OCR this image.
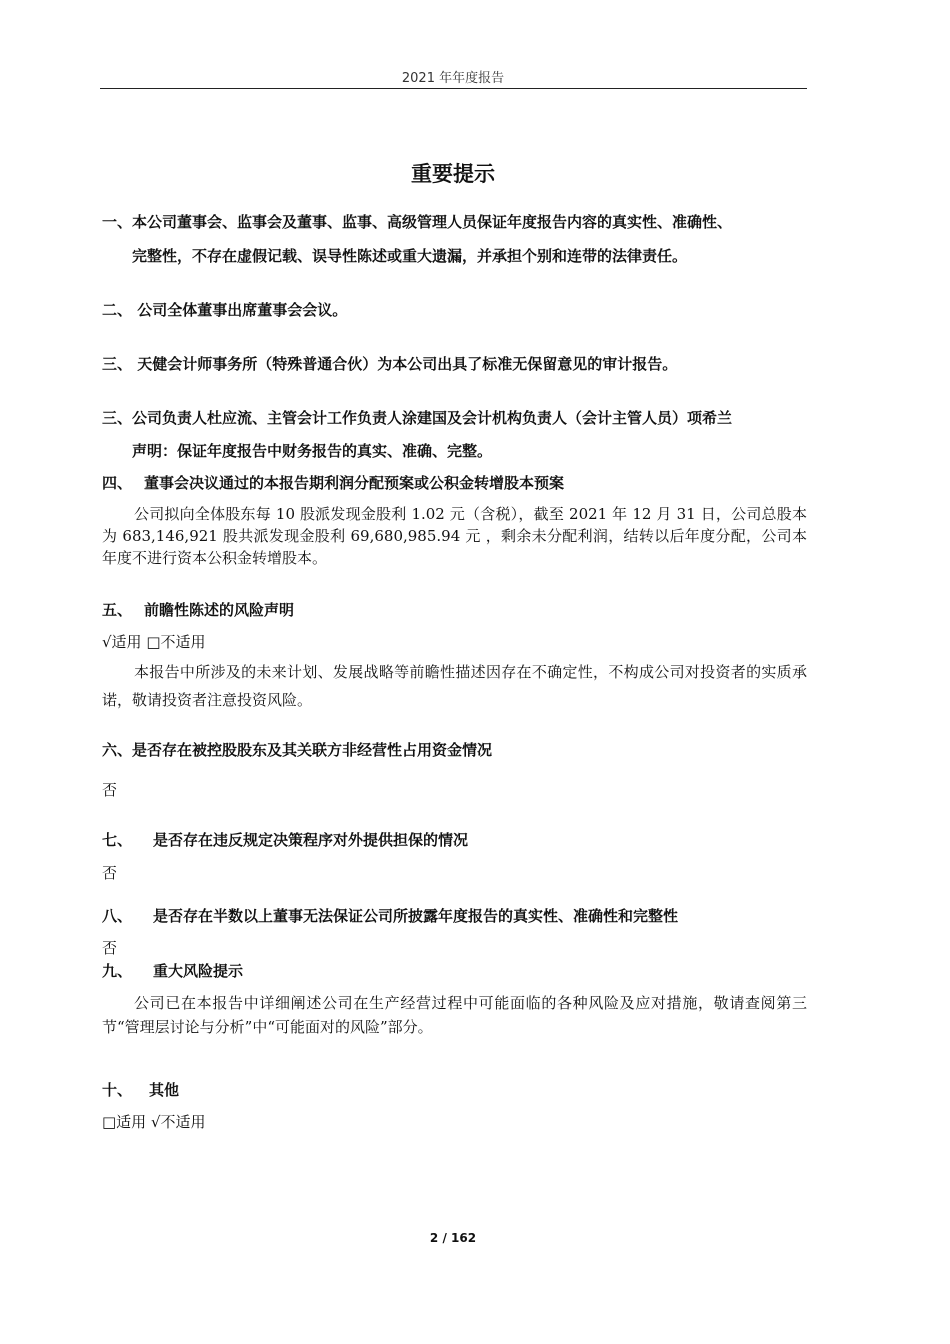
2021 年年度报告
重要提示
一、本公司董事会、监事会及董事、监事、高级管理人员保证年度报告内容的真实性、准确性、
完整性，不存在虚假记载、误导性陈述或重大遗漏，并承担个别和连带的法律责任。
二、 公司全体董事出席董事会会议。
三、 天健会计师事务所（特殊普通合伙）为本公司出具了标准无保留意见的审计报告。
三、公司负责人杜应流、主管会计工作负责人涂建国及会计机构负责人（会计主管人员）项希兰
声明：保证年度报告中财务报告的真实、准确、完整。
四、 董事会决议通过的本报告期利润分配预案或公积金转增股本预案

公司拟向全体股东每 10 股派发现金股利 1.02 元（含税），截至 2021 年 12 月 31 日，公司总股本为 683,146,921 股共派发现金股利 69,680,985.94 元 ，剩余未分配利润，结转以后年度分配，公司本年度不进行资本公积金转增股本。

五、 前瞻性陈述的风险声明
√适用 □不适用

本报告中所涉及的未来计划、发展战略等前瞻性描述因存在不确定性，不构成公司对投资者的实质承诺，敬请投资者注意投资风险。

六、是否存在被控股股东及其关联方非经营性占用资金情况
否
七、 是否存在违反规定决策程序对外提供担保的情况
否
八、 是否存在半数以上董事无法保证公司所披露年度报告的真实性、准确性和完整性
否
九、 重大风险提示

公司已在本报告中详细阐述公司在生产经营过程中可能面临的各种风险及应对措施，敬请查阅第三节“管理层讨论与分析”中“可能面对的风险”部分。

十、 其他
□适用 √不适用
2 / 162
